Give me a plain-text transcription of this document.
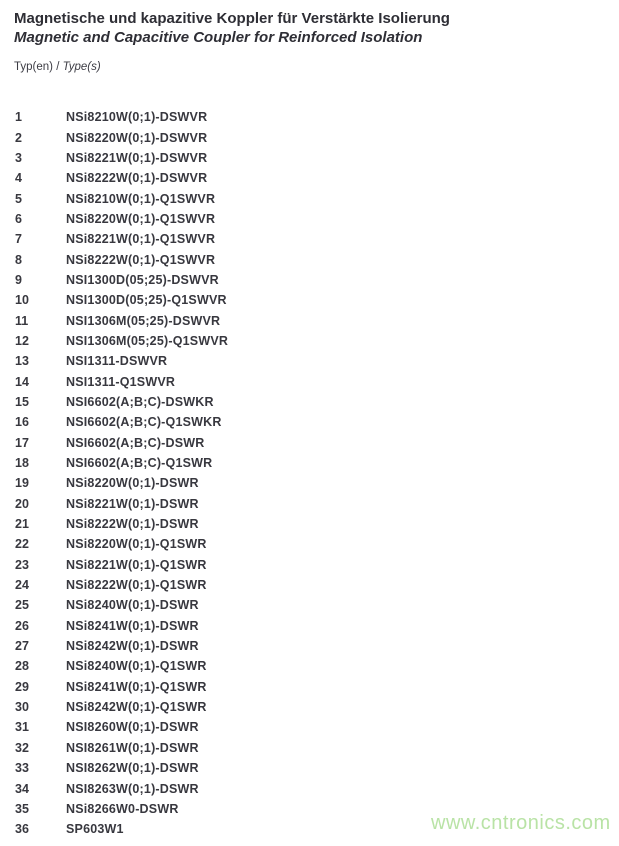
Magnetische und kapazitive Koppler für Verstärkte Isolierung
Magnetic and Capacitive Coupler for Reinforced Isolation
Typ(en) / Type(s)
1	NSi8210W(0;1)-DSWVR
2	NSi8220W(0;1)-DSWVR
3	NSi8221W(0;1)-DSWVR
4	NSi8222W(0;1)-DSWVR
5	NSi8210W(0;1)-Q1SWVR
6	NSi8220W(0;1)-Q1SWVR
7	NSi8221W(0;1)-Q1SWVR
8	NSi8222W(0;1)-Q1SWVR
9	NSI1300D(05;25)-DSWVR
10	NSI1300D(05;25)-Q1SWVR
11	NSI1306M(05;25)-DSWVR
12	NSI1306M(05;25)-Q1SWVR
13	NSI1311-DSWVR
14	NSI1311-Q1SWVR
15	NSI6602(A;B;C)-DSWKR
16	NSI6602(A;B;C)-Q1SWKR
17	NSI6602(A;B;C)-DSWR
18	NSI6602(A;B;C)-Q1SWR
19	NSi8220W(0;1)-DSWR
20	NSi8221W(0;1)-DSWR
21	NSi8222W(0;1)-DSWR
22	NSi8220W(0;1)-Q1SWR
23	NSi8221W(0;1)-Q1SWR
24	NSi8222W(0;1)-Q1SWR
25	NSi8240W(0;1)-DSWR
26	NSi8241W(0;1)-DSWR
27	NSi8242W(0;1)-DSWR
28	NSi8240W(0;1)-Q1SWR
29	NSi8241W(0;1)-Q1SWR
30	NSi8242W(0;1)-Q1SWR
31	NSI8260W(0;1)-DSWR
32	NSI8261W(0;1)-DSWR
33	NSI8262W(0;1)-DSWR
34	NSI8263W(0;1)-DSWR
35	NSi8266W0-DSWR
36	SP603W1	www.cntronics.com
